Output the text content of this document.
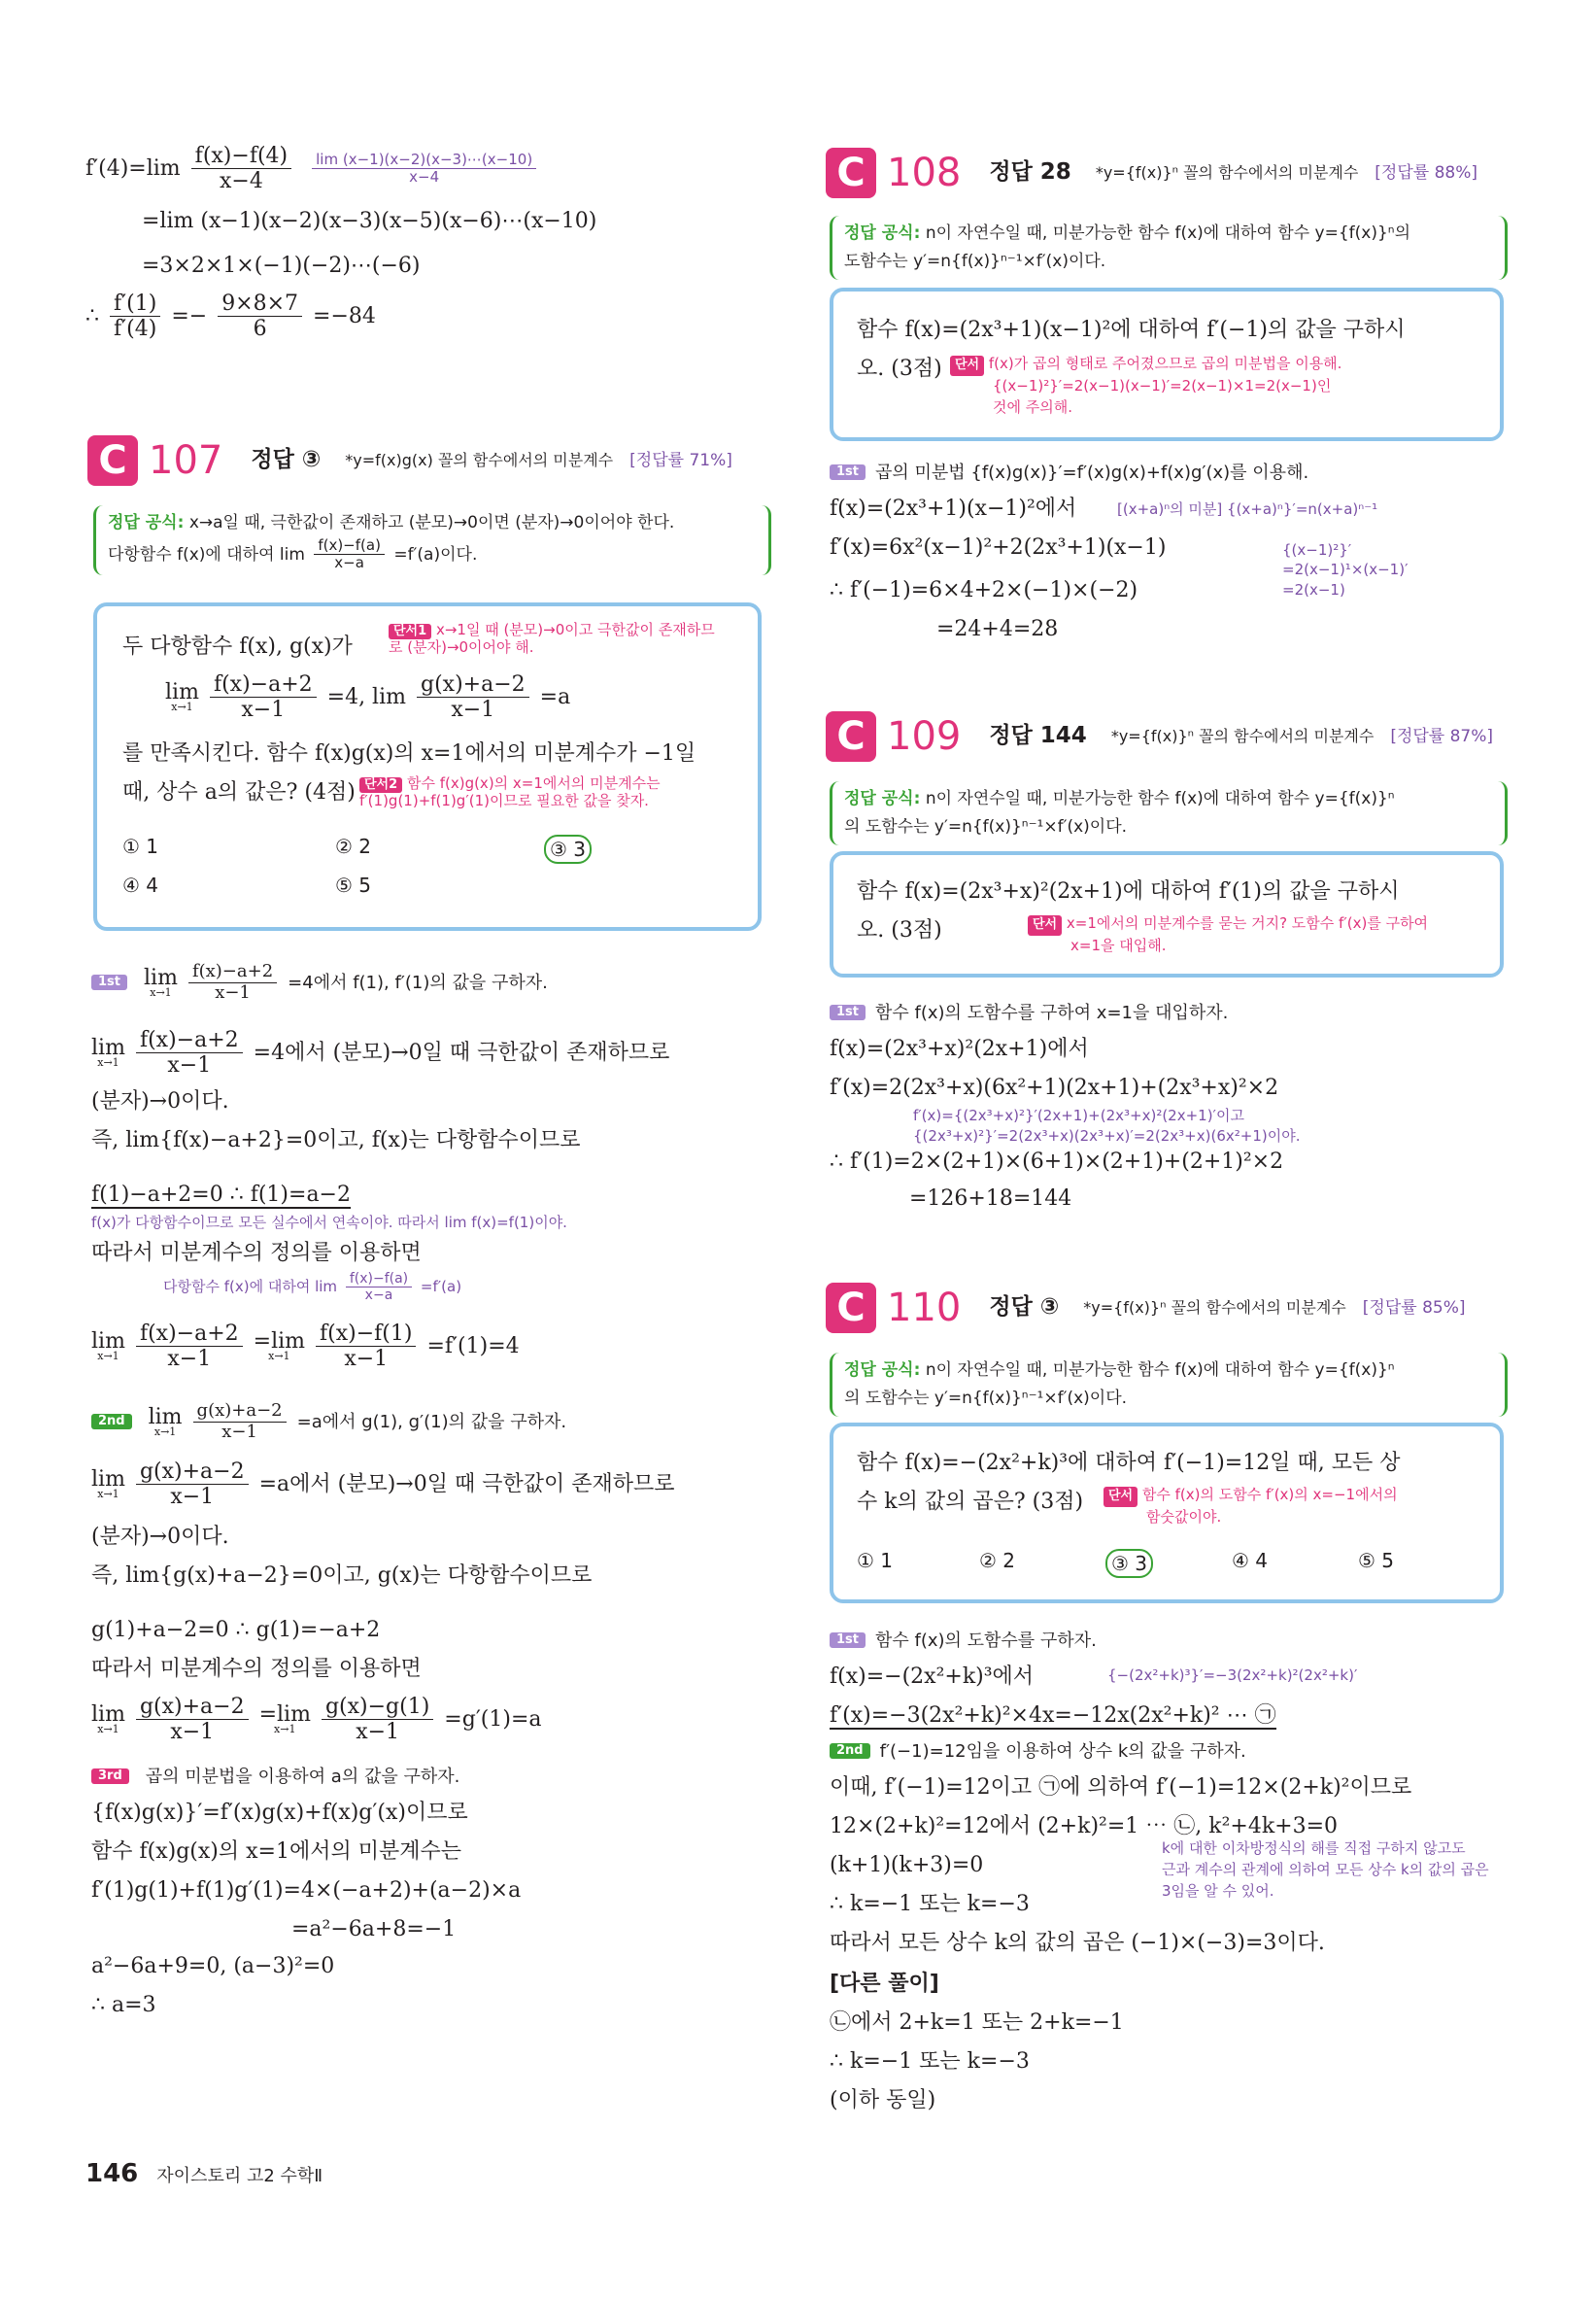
$f'(4)=\lim \frac{f(x)-f(4)}{x-4}$
$\frac{\lim (x-1)(x-2)(x-3)\cdots(x-10)}{x-4}$
=lim (x−1)(x−2)(x−3)(x−5)(x−6)⋯(x−10)
=3×2×1×(−1)(−2)⋯(−6)
∴ $\frac{f'(1)}{f'(4)} =- \frac{9\times 8\times 7}{6} =-84$
C 107 정답 ③ *y=f(x)g(x) 꼴의 함수에서의 미분계수 [정답률 71%]
정답 공식: x→a일 때, 극한값이 존재하고 (분모)→0이면 (분자)→0이어야 한다.
다항함수 f(x)에 대하여 $\lim \frac{f(x)-f(a)}{x-a} =f'(a)$이다.
두 다항함수 f(x), g(x)가
단서1 x→1일 때 (분모)→0이고 극한값이 존재하므로 (분자)→0이어야 해.
lim
x→1
$\frac{f(x)-a+2}{x-1} =4$, $\lim \frac{g(x)+a-2}{x-1} =a$
를 만족시킨다. 함수 f(x)g(x)의 x=1에서의 미분계수가 −1일
때, 상수 a의 값은? (4점) 단서2 함수 f(x)g(x)의 x=1에서의 미분계수는 f′(1)g(1)+f(1)g′(1)이므로 필요한 값을 찾자.
① 1	② 2	③ 3
④ 4	⑤ 5
1st lim
x→1
$\frac{f(x)-a+2}{x-1} =4$에서 f(1), f′(1)의 값을 구하자.
lim
x→1
$\frac{f(x)-a+2}{x-1} =4$에서 (분모)→0일 때 극한값이 존재하므로
(분자)→0이다.
즉, lim{f(x)−a+2}=0이고, f(x)는 다항함수이므로
f(1)−a+2=0 ∴ f(1)=a−2
f(x)가 다항함수이므로 모든 실수에서 연속이야. 따라서 lim f(x)=f(1)이야.
따라서 미분계수의 정의를 이용하면
다항함수 f(x)에 대하여 $\lim \frac{f(x)-f(a)}{x-a} =f'(a)$
lim
x→1
$\frac{f(x)-a+2}{x-1}$
=lim
x→1
$\frac{f(x)-f(1)}{x-1} =f'(1)=4$
2nd lim
x→1
$\frac{g(x)+a-2}{x-1} =a$에서 g(1), g′(1)의 값을 구하자.
lim
x→1
$\frac{g(x)+a-2}{x-1} =a$에서 (분모)→0일 때 극한값이 존재하므로
(분자)→0이다.
즉, lim{g(x)+a−2}=0이고, g(x)는 다항함수이므로
g(1)+a−2=0 ∴ g(1)=−a+2
따라서 미분계수의 정의를 이용하면
lim
x→1
$\frac{g(x)+a-2}{x-1}$
=lim
x→1
$\frac{g(x)-g(1)}{x-1} =g'(1)=a$
3rd 곱의 미분법을 이용하여 a의 값을 구하자.
{f(x)g(x)}′=f′(x)g(x)+f(x)g′(x)이므로
함수 f(x)g(x)의 x=1에서의 미분계수는
f′(1)g(1)+f(1)g′(1)=4×(−a+2)+(a−2)×a
=a²−6a+8=−1
a²−6a+9=0, (a−3)²=0
∴ a=3
C 108 정답 28 *y={f(x)}ⁿ 꼴의 함수에서의 미분계수 [정답률 88%]
정답 공식: n이 자연수일 때, 미분가능한 함수 f(x)에 대하여 함수 y={f(x)}ⁿ의
도함수는 y′=n{f(x)}ⁿ⁻¹×f′(x)이다.
함수 f(x)=(2x³+1)(x−1)²에 대하여 f′(−1)의 값을 구하시
오. (3점)	단서 f(x)가 곱의 형태로 주어졌으므로 곱의 미분법을 이용해.
{(x−1)²}′=2(x−1)(x−1)′=2(x−1)×1=2(x−1)인
것에 주의해.
1st 곱의 미분법 {f(x)g(x)}′=f′(x)g(x)+f(x)g′(x)를 이용해.
f(x)=(2x³+1)(x−1)²에서	[(x+a)ⁿ의 미분] {(x+a)ⁿ}′=n(x+a)ⁿ⁻¹
f′(x)=6x²(x−1)²+2(2x³+1)(x−1)	{(x−1)²}′
=2(x−1)¹×(x−1)′
=2(x−1)
∴ f′(−1)=6×4+2×(−1)×(−2)
=24+4=28
C 109 정답 144 *y={f(x)}ⁿ 꼴의 함수에서의 미분계수 [정답률 87%]
정답 공식: n이 자연수일 때, 미분가능한 함수 f(x)에 대하여 함수 y={f(x)}ⁿ
의 도함수는 y′=n{f(x)}ⁿ⁻¹×f′(x)이다.
함수 f(x)=(2x³+x)²(2x+1)에 대하여 f′(1)의 값을 구하시
오. (3점)	단서 x=1에서의 미분계수를 묻는 거지? 도함수 f′(x)를 구하여
x=1을 대입해.
1st 함수 f(x)의 도함수를 구하여 x=1을 대입하자.
f(x)=(2x³+x)²(2x+1)에서
f′(x)=2(2x³+x)(6x²+1)(2x+1)+(2x³+x)²×2
f′(x)={(2x³+x)²}′(2x+1)+(2x³+x)²(2x+1)′이고
{(2x³+x)²}′=2(2x³+x)(2x³+x)′=2(2x³+x)(6x²+1)이야.
∴ f′(1)=2×(2+1)×(6+1)×(2+1)+(2+1)²×2
=126+18=144
C 110 정답 ③ *y={f(x)}ⁿ 꼴의 함수에서의 미분계수 [정답률 85%]
정답 공식: n이 자연수일 때, 미분가능한 함수 f(x)에 대하여 함수 y={f(x)}ⁿ
의 도함수는 y′=n{f(x)}ⁿ⁻¹×f′(x)이다.
함수 f(x)=−(2x²+k)³에 대하여 f′(−1)=12일 때, 모든 상
수 k의 값의 곱은? (3점)	단서 함수 f(x)의 도함수 f′(x)의 x=−1에서의
함숫값이야.
① 1	② 2	③ 3	④ 4	⑤ 5
1st 함수 f(x)의 도함수를 구하자.
f(x)=−(2x²+k)³에서	{−(2x²+k)³}′=−3(2x²+k)²(2x²+k)′
f′(x)=−3(2x²+k)²×4x=−12x(2x²+k)² ⋯ ㉠
2nd f′(−1)=12임을 이용하여 상수 k의 값을 구하자.
이때, f′(−1)=12이고 ㉠에 의하여 f′(−1)=12×(2+k)²이므로
12×(2+k)²=12에서 (2+k)²=1 ⋯ ㉡, k²+4k+3=0
(k+1)(k+3)=0
k에 대한 이차방정식의 해를 직접 구하지 않고도
근과 계수의 관계에 의하여 모든 상수 k의 값의 곱은
3임을 알 수 있어.
∴ k=−1 또는 k=−3
따라서 모든 상수 k의 값의 곱은 (−1)×(−3)=3이다.
[다른 풀이]
㉡에서 2+k=1 또는 2+k=−1
∴ k=−1 또는 k=−3
(이하 동일)
146 자이스토리 고2 수학Ⅱ
